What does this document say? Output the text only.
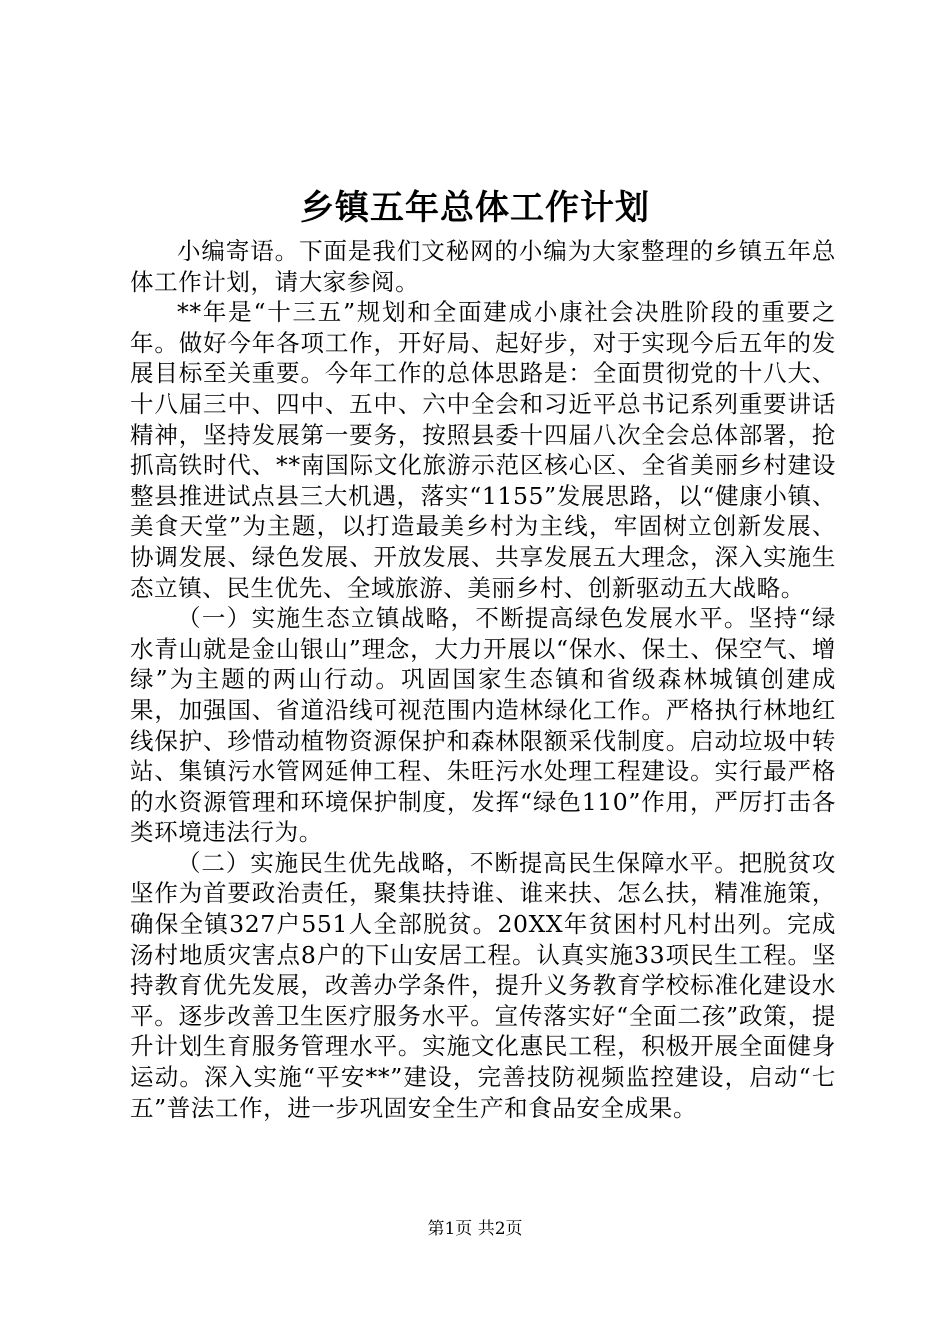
乡镇五年总体工作计划

小编寄语。下面是我们文秘网的小编为大家整理的乡镇五年总体工作计划，请大家参阅。

**年是“十三五”规划和全面建成小康社会决胜阶段的重要之年。做好今年各项工作，开好局、起好步，对于实现今后五年的发展目标至关重要。今年工作的总体思路是：全面贯彻党的十八大、十八届三中、四中、五中、六中全会和习近平总书记系列重要讲话精神，坚持发展第一要务，按照县委十四届八次全会总体部署，抢抓高铁时代、**南国际文化旅游示范区核心区、全省美丽乡村建设整县推进试点县三大机遇，落实“1155”发展思路，以“健康小镇、美食天堂”为主题，以打造最美乡村为主线，牢固树立创新发展、协调发展、绿色发展、开放发展、共享发展五大理念，深入实施生态立镇、民生优先、全域旅游、美丽乡村、创新驱动五大战略。

（一）实施生态立镇战略，不断提高绿色发展水平。坚持“绿水青山就是金山银山”理念，大力开展以“保水、保土、保空气、增绿”为主题的两山行动。巩固国家生态镇和省级森林城镇创建成果，加强国、省道沿线可视范围内造林绿化工作。严格执行林地红线保护、珍惜动植物资源保护和森林限额采伐制度。启动垃圾中转站、集镇污水管网延伸工程、朱旺污水处理工程建设。实行最严格的水资源管理和环境保护制度，发挥“绿色110”作用，严厉打击各类环境违法行为。

（二）实施民生优先战略，不断提高民生保障水平。把脱贫攻坚作为首要政治责任，聚集扶持谁、谁来扶、怎么扶，精准施策，确保全镇327户551人全部脱贫。20XX年贫困村凡村出列。完成汤村地质灾害点8户的下山安居工程。认真实施33项民生工程。坚持教育优先发展，改善办学条件，提升义务教育学校标准化建设水平。逐步改善卫生医疗服务水平。宣传落实好“全面二孩”政策，提升计划生育服务管理水平。实施文化惠民工程，积极开展全面健身运动。深入实施“平安**”建设，完善技防视频监控建设，启动“七五”普法工作，进一步巩固安全生产和食品安全成果。

第1页 共2页
